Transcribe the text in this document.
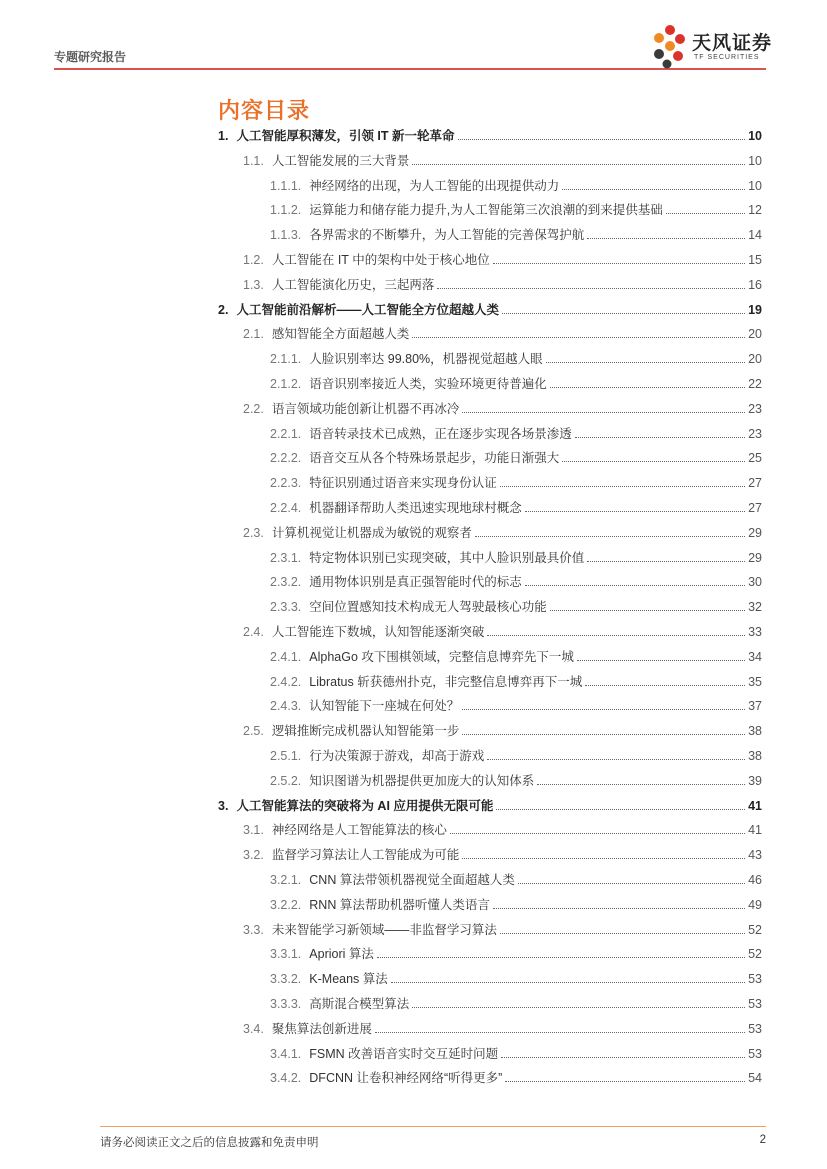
专题研究报告
天风证券
TF SECURITIES
内容目录
1. 人工智能厚积薄发，引领 IT 新一轮革命	10
1.1. 人工智能发展的三大背景	10
1.1.1. 神经网络的出现，为人工智能的出现提供动力	10
1.1.2. 运算能力和储存能力提升,为人工智能第三次浪潮的到来提供基础	12
1.1.3. 各界需求的不断攀升，为人工智能的完善保驾护航	14
1.2. 人工智能在 IT 中的架构中处于核心地位	15
1.3. 人工智能演化历史，三起两落	16
2. 人工智能前沿解析——人工智能全方位超越人类	19
2.1. 感知智能全方面超越人类	20
2.1.1. 人脸识别率达 99.80%，机器视觉超越人眼	20
2.1.2. 语音识别率接近人类，实验环境更待普遍化	22
2.2. 语言领域功能创新让机器不再冰冷	23
2.2.1. 语音转录技术已成熟，正在逐步实现各场景渗透	23
2.2.2. 语音交互从各个特殊场景起步，功能日渐强大	25
2.2.3. 特征识别通过语音来实现身份认证	27
2.2.4. 机器翻译帮助人类迅速实现地球村概念	27
2.3. 计算机视觉让机器成为敏锐的观察者	29
2.3.1. 特定物体识别已实现突破，其中人脸识别最具价值	29
2.3.2. 通用物体识别是真正强智能时代的标志	30
2.3.3. 空间位置感知技术构成无人驾驶最核心功能	32
2.4. 人工智能连下数城，认知智能逐渐突破	33
2.4.1. AlphaGo 攻下围棋领域，完整信息博弈先下一城	34
2.4.2. Libratus 斩获德州扑克，非完整信息博弈再下一城	35
2.4.3. 认知智能下一座城在何处？	37
2.5. 逻辑推断完成机器认知智能第一步	38
2.5.1. 行为决策源于游戏，却高于游戏	38
2.5.2. 知识图谱为机器提供更加庞大的认知体系	39
3. 人工智能算法的突破将为 AI 应用提供无限可能	41
3.1. 神经网络是人工智能算法的核心	41
3.2. 监督学习算法让人工智能成为可能	43
3.2.1. CNN 算法带领机器视觉全面超越人类	46
3.2.2. RNN 算法帮助机器听懂人类语言	49
3.3. 未来智能学习新领域——非监督学习算法	52
3.3.1. Apriori 算法	52
3.3.2. K-Means 算法	53
3.3.3. 高斯混合模型算法	53
3.4. 聚焦算法创新进展	53
3.4.1. FSMN 改善语音实时交互延时问题	53
3.4.2. DFCNN 让卷积神经网络“听得更多”	54
请务必阅读正文之后的信息披露和免责申明	2
